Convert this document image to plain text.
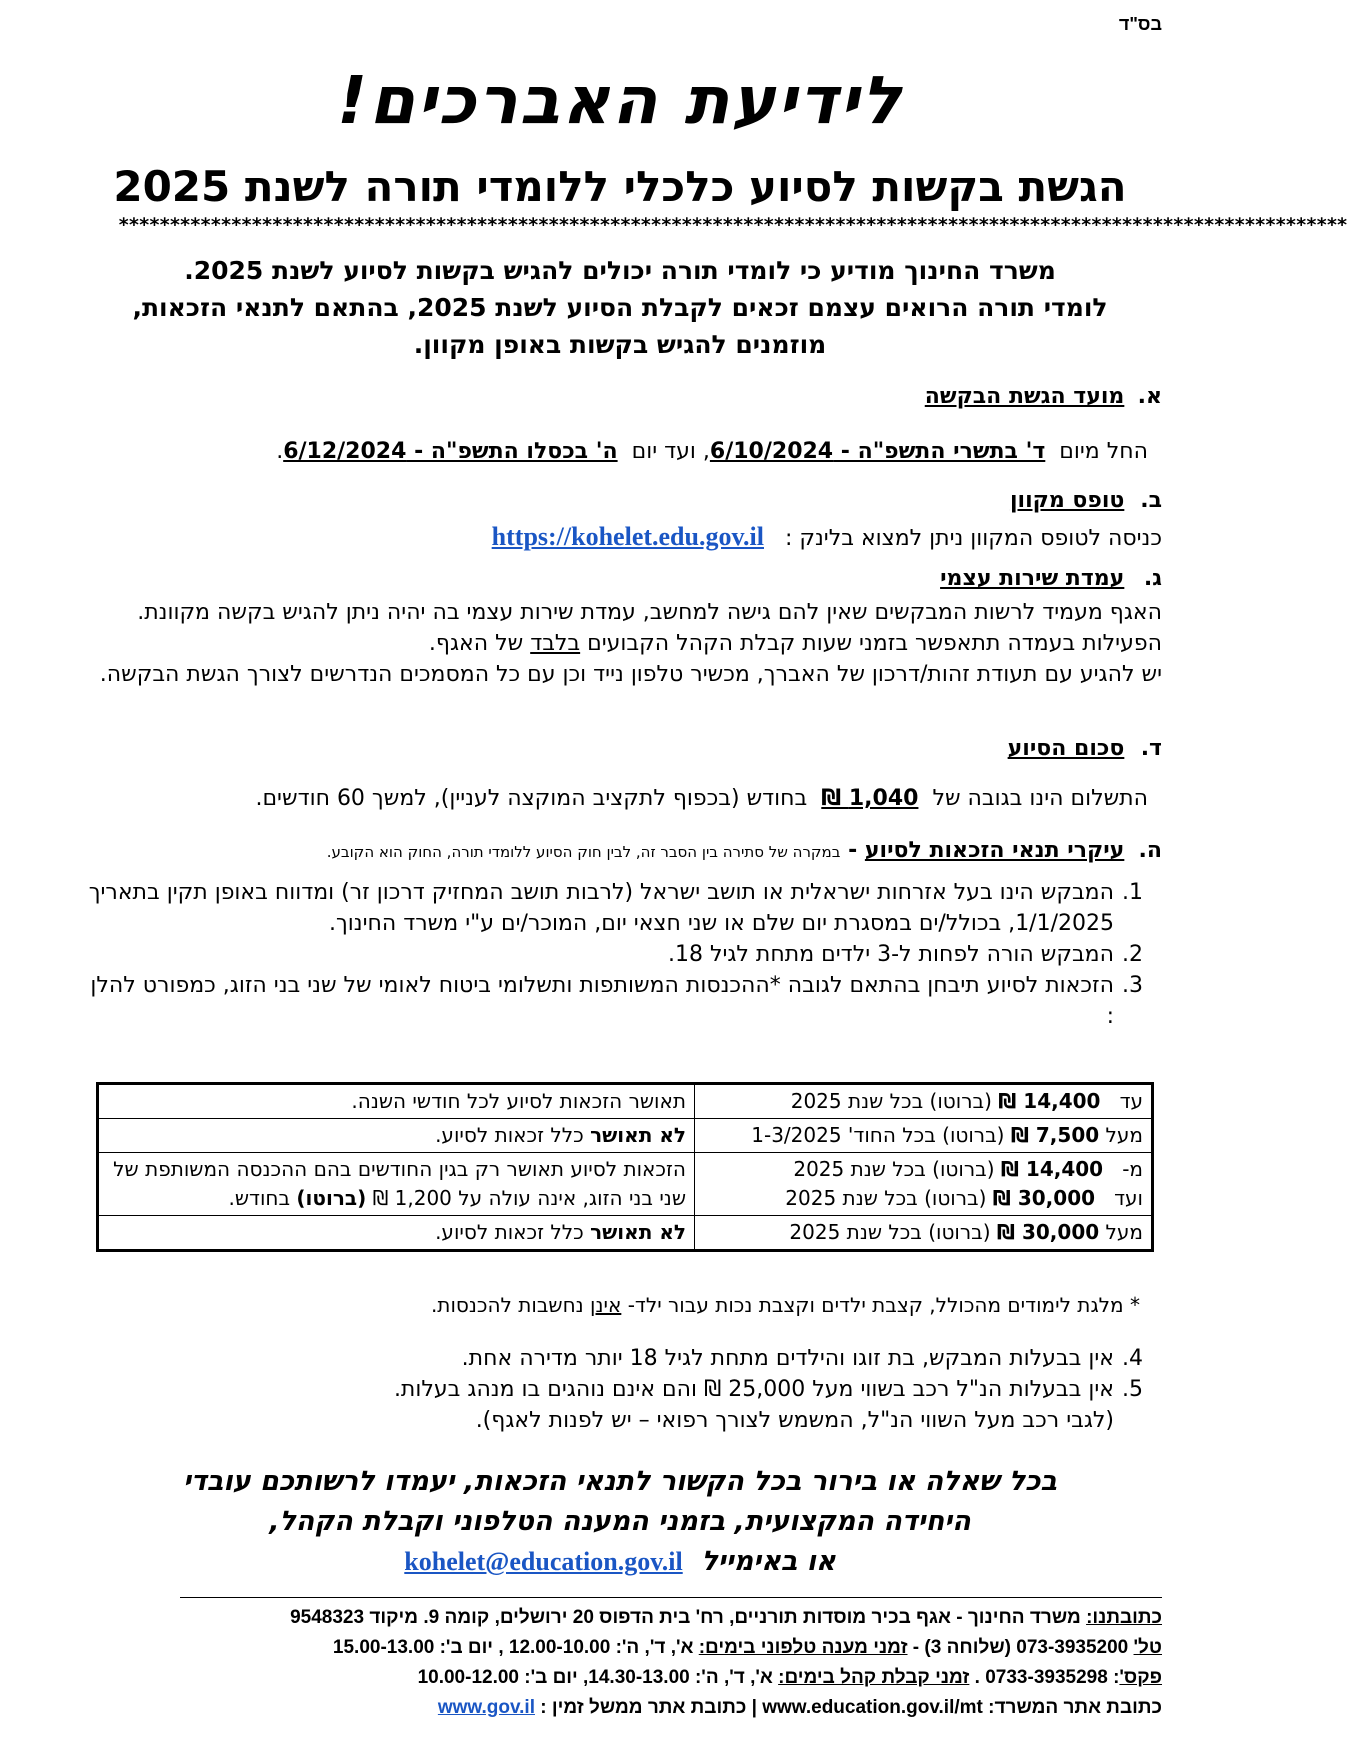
בס"ד
לידיעת האברכים!
הגשת בקשות לסיוע כלכלי ללומדי תורה לשנת 2025
************************************************************************************************************************
משרד החינוך מודיע כי לומדי תורה יכולים להגיש בקשות לסיוע לשנת 2025.
לומדי תורה הרואים עצמם זכאים לקבלת הסיוע לשנת 2025, בהתאם לתנאי הזכאות,
מוזמנים להגיש בקשות באופן מקוון.
א. מועד הגשת הבקשה
החל מיום  ד' בתשרי התשפ"ה - 6/10/2024, ועד יום  ה' בכסלו התשפ"ה - 6/12/2024.
ב. טופס מקוון
כניסה לטופס המקוון ניתן למצוא בלינק :   https://kohelet.edu.gov.il
ג. עמדת שירות עצמי
האגף מעמיד לרשות המבקשים שאין להם גישה למחשב, עמדת שירות עצמי בה יהיה ניתן להגיש בקשה מקוונת. הפעילות בעמדה תתאפשר בזמני שעות קבלת הקהל הקבועים בלבד של האגף.
יש להגיע עם תעודת זהות/דרכון של האברך, מכשיר טלפון נייד וכן עם כל המסמכים הנדרשים לצורך הגשת הבקשה.
ד. סכום הסיוע
התשלום הינו בגובה של  1,040 ₪  בחודש (בכפוף לתקציב המוקצה לעניין), למשך 60 חודשים.
ה. עיקרי תנאי הזכאות לסיוע - במקרה של סתירה בין הסבר זה, לבין חוק הסיוע ללומדי תורה, החוק הוא הקובע.
1.
המבקש הינו בעל אזרחות ישראלית או תושב ישראל (לרבות תושב המחזיק דרכון זר) ומדווח באופן תקין בתאריך 1/1/2025, בכולל/ים במסגרת יום שלם או שני חצאי יום, המוכר/ים ע"י משרד החינוך.
2.
המבקש הורה לפחות ל-3 ילדים מתחת לגיל 18.
3.
הזכאות לסיוע תיבחן בהתאם לגובה *ההכנסות המשותפות ותשלומי ביטוח לאומי של שני בני הזוג, כמפורט להלן :
עד   14,400 ₪ (ברוטו) בכל שנת 2025	תאושר הזכאות לסיוע לכל חודשי השנה.
מעל 7,500 ₪ (ברוטו) בכל החוד' 1-3/2025	לא תאושר כלל זכאות לסיוע.

מ-   14,400 ₪ (ברוטו) בכל שנת 2025
ועד   30,000 ₪ (ברוטו) בכל שנת 2025	הזכאות לסיוע תאושר רק בגין החודשים בהם ההכנסה המשותפת של שני בני הזוג, אינה עולה על 1,200 ₪ (ברוטו) בחודש.
מעל 30,000 ₪ (ברוטו) בכל שנת 2025	לא תאושר כלל זכאות לסיוע.
* מלגת לימודים מהכולל, קצבת ילדים וקצבת נכות עבור ילד- אינן נחשבות להכנסות.
4.
אין בבעלות המבקש, בת זוגו והילדים מתחת לגיל 18 יותר מדירה אחת.
5.
אין בבעלות הנ"ל רכב בשווי מעל 25,000 ₪ והם אינם נוהגים בו מנהג בעלות.
(לגבי רכב מעל השווי הנ"ל, המשמש לצורך רפואי – יש לפנות לאגף).
בכל שאלה או בירור בכל הקשור לתנאי הזכאות, יעמדו לרשותכם עובדי
היחידה המקצועית, בזמני המענה הטלפוני וקבלת הקהל,
או באימייל  kohelet@education.gov.il
כתובתנו: משרד החינוך - אגף בכיר מוסדות תורניים, רח' בית הדפוס 20 ירושלים, קומה 9. מיקוד 9548323
טל' 073-3935200 (שלוחה 3) - זמני מענה טלפוני בימים: א', ד', ה': 12.00-10.00 , יום ב': 15.00-13.00
פקס': 0733-3935298 . זמני קבלת קהל בימים: א', ד', ה': 14.30-13.00, יום ב': 10.00-12.00
כתובת אתר המשרד: www.education.gov.il/mt | כתובת אתר ממשל זמין : www.gov.il
